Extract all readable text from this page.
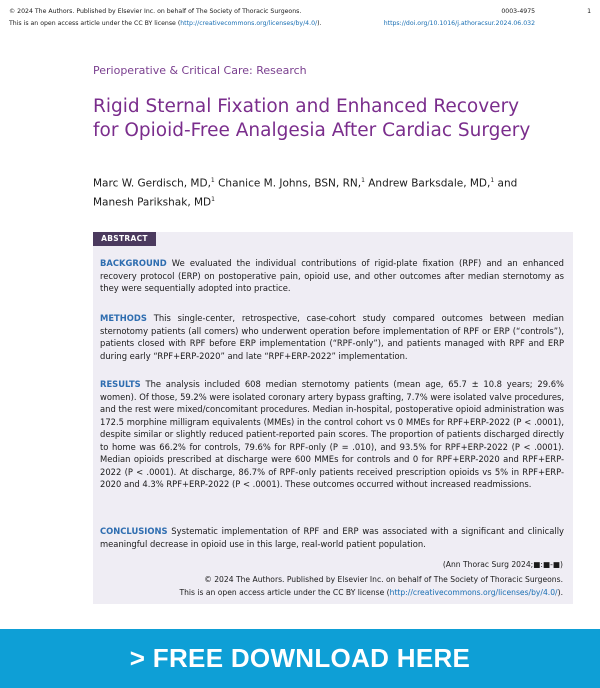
© 2024 The Authors. Published by Elsevier Inc. on behalf of The Society of Thoracic Surgeons.	0003-4975	1
This is an open access article under the CC BY license (http://creativecommons.org/licenses/by/4.0/).	https://doi.org/10.1016/j.athoracsur.2024.06.032
Perioperative & Critical Care: Research
Rigid Sternal Fixation and Enhanced Recovery for Opioid-Free Analgesia After Cardiac Surgery
Marc W. Gerdisch, MD,$^1$ Chanice M. Johns, BSN, RN,$^1$ Andrew Barksdale, MD,$^1$ and
Manesh Parikshak, $MD^1$
ABSTRACT
BACKGROUND We evaluated the individual contributions of rigid-plate fixation (RPF) and an enhanced recovery protocol (ERP) on postoperative pain, opioid use, and other outcomes after median sternotomy as they were sequentially adopted into practice.
METHODS This single-center, retrospective, case-cohort study compared outcomes between median sternotomy patients (all comers) who underwent operation before implementation of RPF or ERP (“controls”), patients closed with RPF before ERP implementation (“RPF-only”), and patients managed with RPF and ERP during early “RPF+ERP-2020” and late “RPF+ERP-2022” implementation.
RESULTS The analysis included 608 median sternotomy patients (mean age, 65.7 ± 10.8 years; 29.6% women). Of those, 59.2% were isolated coronary artery bypass grafting, 7.7% were isolated valve procedures, and the rest were mixed/concomitant procedures. Median in-hospital, postoperative opioid administration was 172.5 morphine milligram equivalents (MMEs) in the control cohort vs 0 MMEs for RPF+ERP-2022 (P < .0001), despite similar or slightly reduced patient-reported pain scores. The proportion of patients discharged directly to home was 66.2% for controls, 79.6% for RPF-only (P = .010), and 93.5% for RPF+ERP-2022 (P < .0001). Median opioids prescribed at discharge were 600 MMEs for controls and 0 for RPF+ERP-2020 and RPF+ERP-2022 (P < .0001). At discharge, 86.7% of RPF-only patients received prescription opioids vs 5% in RPF+ERP-2020 and 4.3% RPF+ERP-2022 (P < .0001). These outcomes occurred without increased readmissions.
CONCLUSIONS Systematic implementation of RPF and ERP was associated with a significant and clinically meaningful decrease in opioid use in this large, real-world patient population.
(Ann Thorac Surg 2024;■:■-■)
© 2024 The Authors. Published by Elsevier Inc. on behalf of The Society of Thoracic Surgeons.
This is an open access article under the CC BY license (http://creativecommons.org/licenses/by/4.0/).
> FREE DOWNLOAD HERE
